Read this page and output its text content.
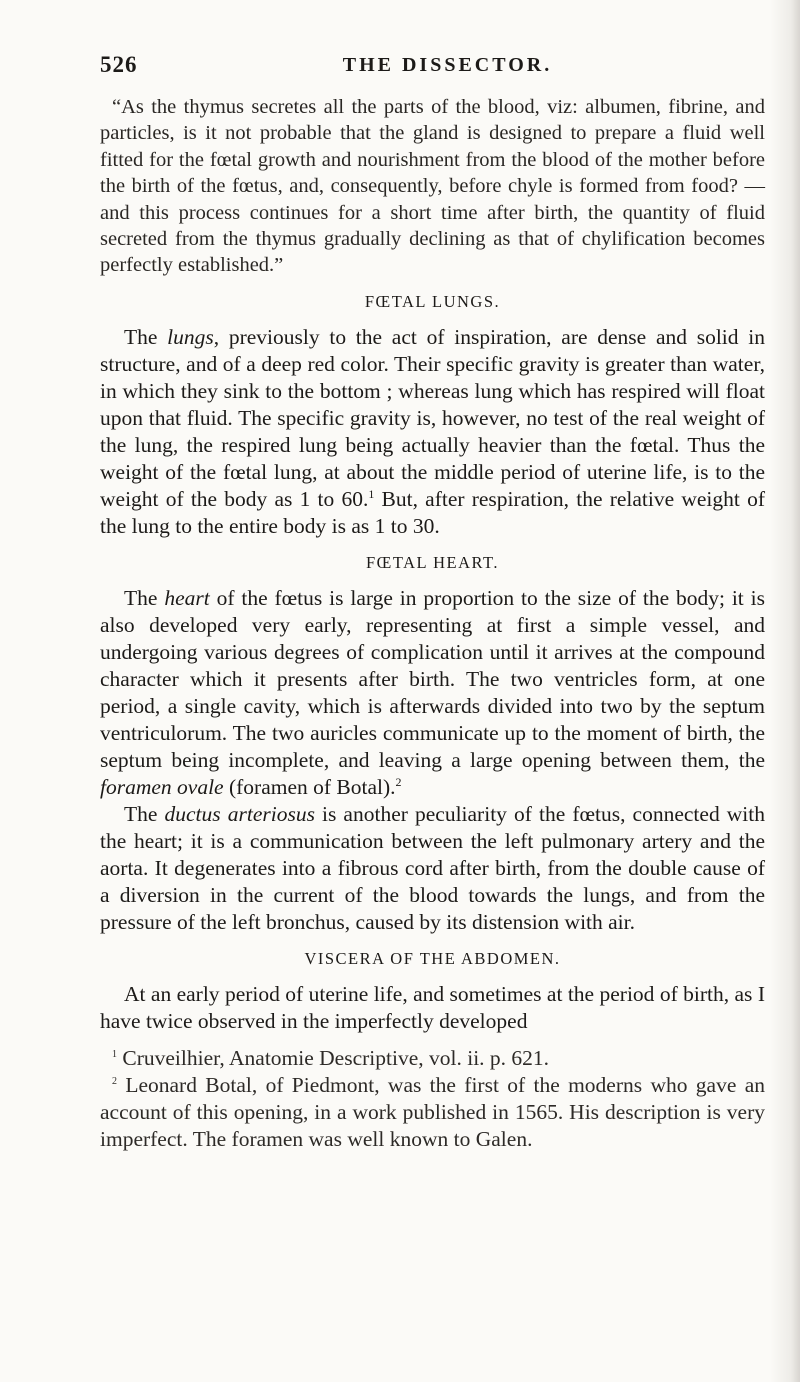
526	THE DISSECTOR.

“As the thymus secretes all the parts of the blood, viz: albumen, fibrine, and particles, is it not probable that the gland is designed to prepare a fluid well fitted for the fœtal growth and nourishment from the blood of the mother before the birth of the fœtus, and, consequently, before chyle is formed from food? —and this process continues for a short time after birth, the quantity of fluid secreted from the thymus gradually declining as that of chylification becomes perfectly established.”

FŒTAL LUNGS.

The lungs, previously to the act of inspiration, are dense and solid in structure, and of a deep red color. Their specific gravity is greater than water, in which they sink to the bottom ; whereas lung which has respired will float upon that fluid. The specific gravity is, however, no test of the real weight of the lung, the respired lung being actually heavier than the fœtal. Thus the weight of the fœtal lung, at about the middle period of uterine life, is to the weight of the body as 1 to 60.$^1$ But, after respiration, the relative weight of the lung to the entire body is as 1 to 30.

FŒTAL HEART.

The heart of the fœtus is large in proportion to the size of the body; it is also developed very early, representing at first a simple vessel, and undergoing various degrees of complication until it arrives at the compound character which it presents after birth. The two ventricles form, at one period, a single cavity, which is afterwards divided into two by the septum ventriculorum. The two auricles communicate up to the moment of birth, the septum being incomplete, and leaving a large opening between them, the foramen ovale (foramen of Botal).$^2$

The ductus arteriosus is another peculiarity of the fœtus, connected with the heart; it is a communication between the left pulmonary artery and the aorta. It degenerates into a fibrous cord after birth, from the double cause of a diversion in the current of the blood towards the lungs, and from the pressure of the left bronchus, caused by its distension with air.

VISCERA OF THE ABDOMEN.

At an early period of uterine life, and sometimes at the period of birth, as I have twice observed in the imperfectly developed

$^1$ Cruveilhier, Anatomie Descriptive, vol. ii. p. 621.

$^2$ Leonard Botal, of Piedmont, was the first of the moderns who gave an account of this opening, in a work published in 1565. His description is very imperfect. The foramen was well known to Galen.
